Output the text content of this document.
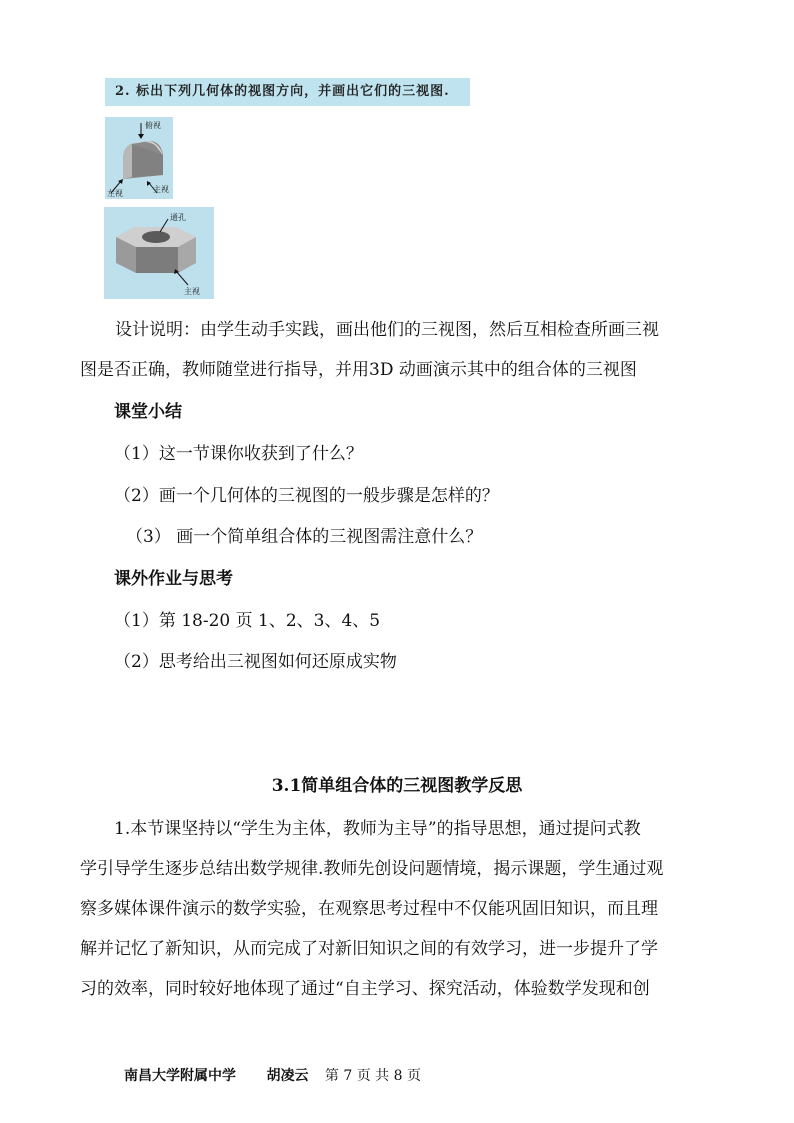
2. 标出下列几何体的视图方向，并画出它们的三视图.
俯视
左视	主视
通孔
主视
设计说明：由学生动手实践，画出他们的三视图，然后互相检查所画三视
图是否正确，教师随堂进行指导，并用3D 动画演示其中的组合体的三视图
课堂小结
（1）这一节课你收获到了什么？
（2）画一个几何体的三视图的一般步骤是怎样的？
（3） 画一个简单组合体的三视图需注意什么？
课外作业与思考
（1）第 18-20 页 1、2、3、4、5
（2）思考给出三视图如何还原成实物
3.1简单组合体的三视图教学反思
1.本节课坚持以“学生为主体，教师为主导”的指导思想，通过提问式教
学引导学生逐步总结出数学规律.教师先创设问题情境，揭示课题，学生通过观
察多媒体课件演示的数学实验，在观察思考过程中不仅能巩固旧知识，而且理
解并记忆了新知识，从而完成了对新旧知识之间的有效学习，进一步提升了学
习的效率，同时较好地体现了通过“自主学习、探究活动，体验数学发现和创
南昌大学附属中学 胡凌云 第 7 页 共 8 页
